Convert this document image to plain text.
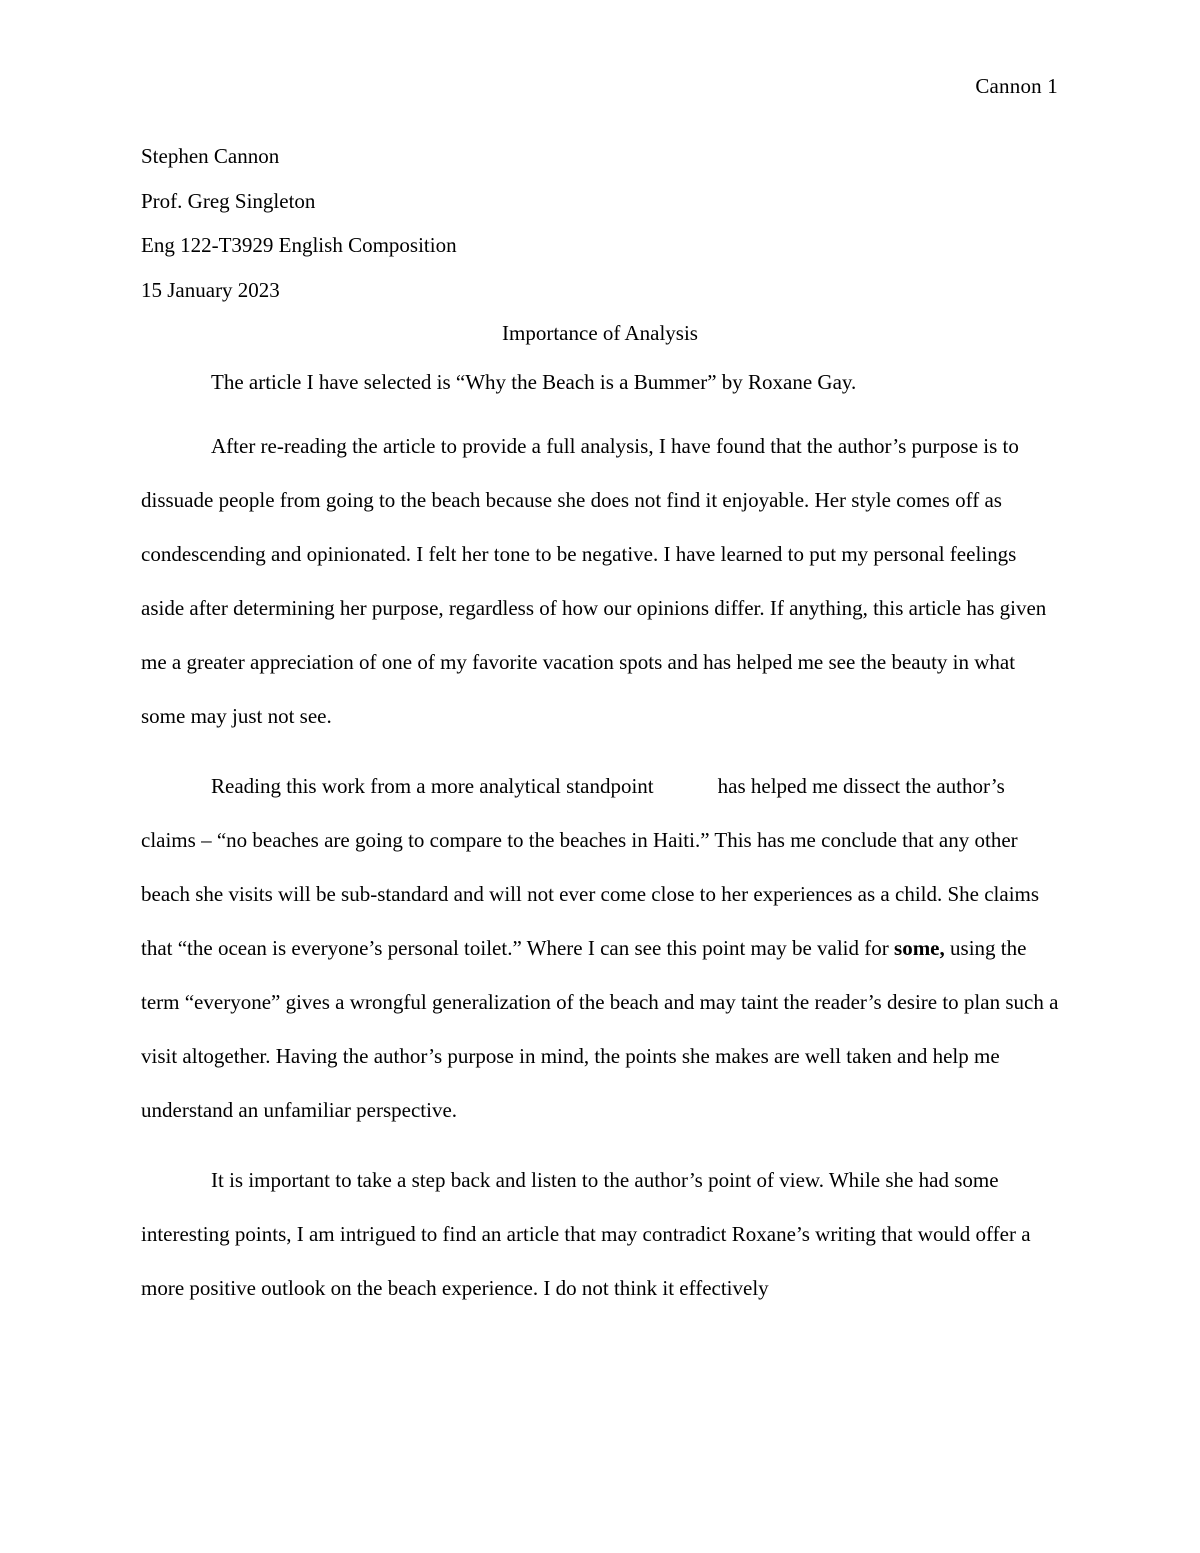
Cannon 1
Stephen Cannon
Prof. Greg Singleton
Eng 122-T3929 English Composition
15 January 2023
Importance of Analysis
The article I have selected is “Why the Beach is a Bummer” by Roxane Gay.

After re-reading the article to provide a full analysis, I have found that the author’s purpose is to dissuade people from going to the beach because she does not find it enjoyable. Her style comes off as condescending and opinionated. I felt her tone to be negative. I have learned to put my personal feelings aside after determining her purpose, regardless of how our opinions differ. If anything, this article has given me a greater appreciation of one of my favorite vacation spots and has helped me see the beauty in what some may just not see.

Reading this work from a more analytical standpoint	has helped me dissect the author’s claims – “no beaches are going to compare to the beaches in Haiti.” This has me conclude that any other beach she visits will be sub-standard and will not ever come close to her experiences as a child. She claims that “the ocean is everyone’s personal toilet.” Where I can see this point may be valid for some, using the term “everyone” gives a wrongful generalization of the beach and may taint the reader’s desire to plan such a visit altogether. Having the author’s purpose in mind, the points she makes are well taken and help me understand an unfamiliar perspective.

It is important to take a step back and listen to the author’s point of view. While she had some interesting points, I am intrigued to find an article that may contradict Roxane’s writing that would offer a more positive outlook on the beach experience. I do not think it effectively
